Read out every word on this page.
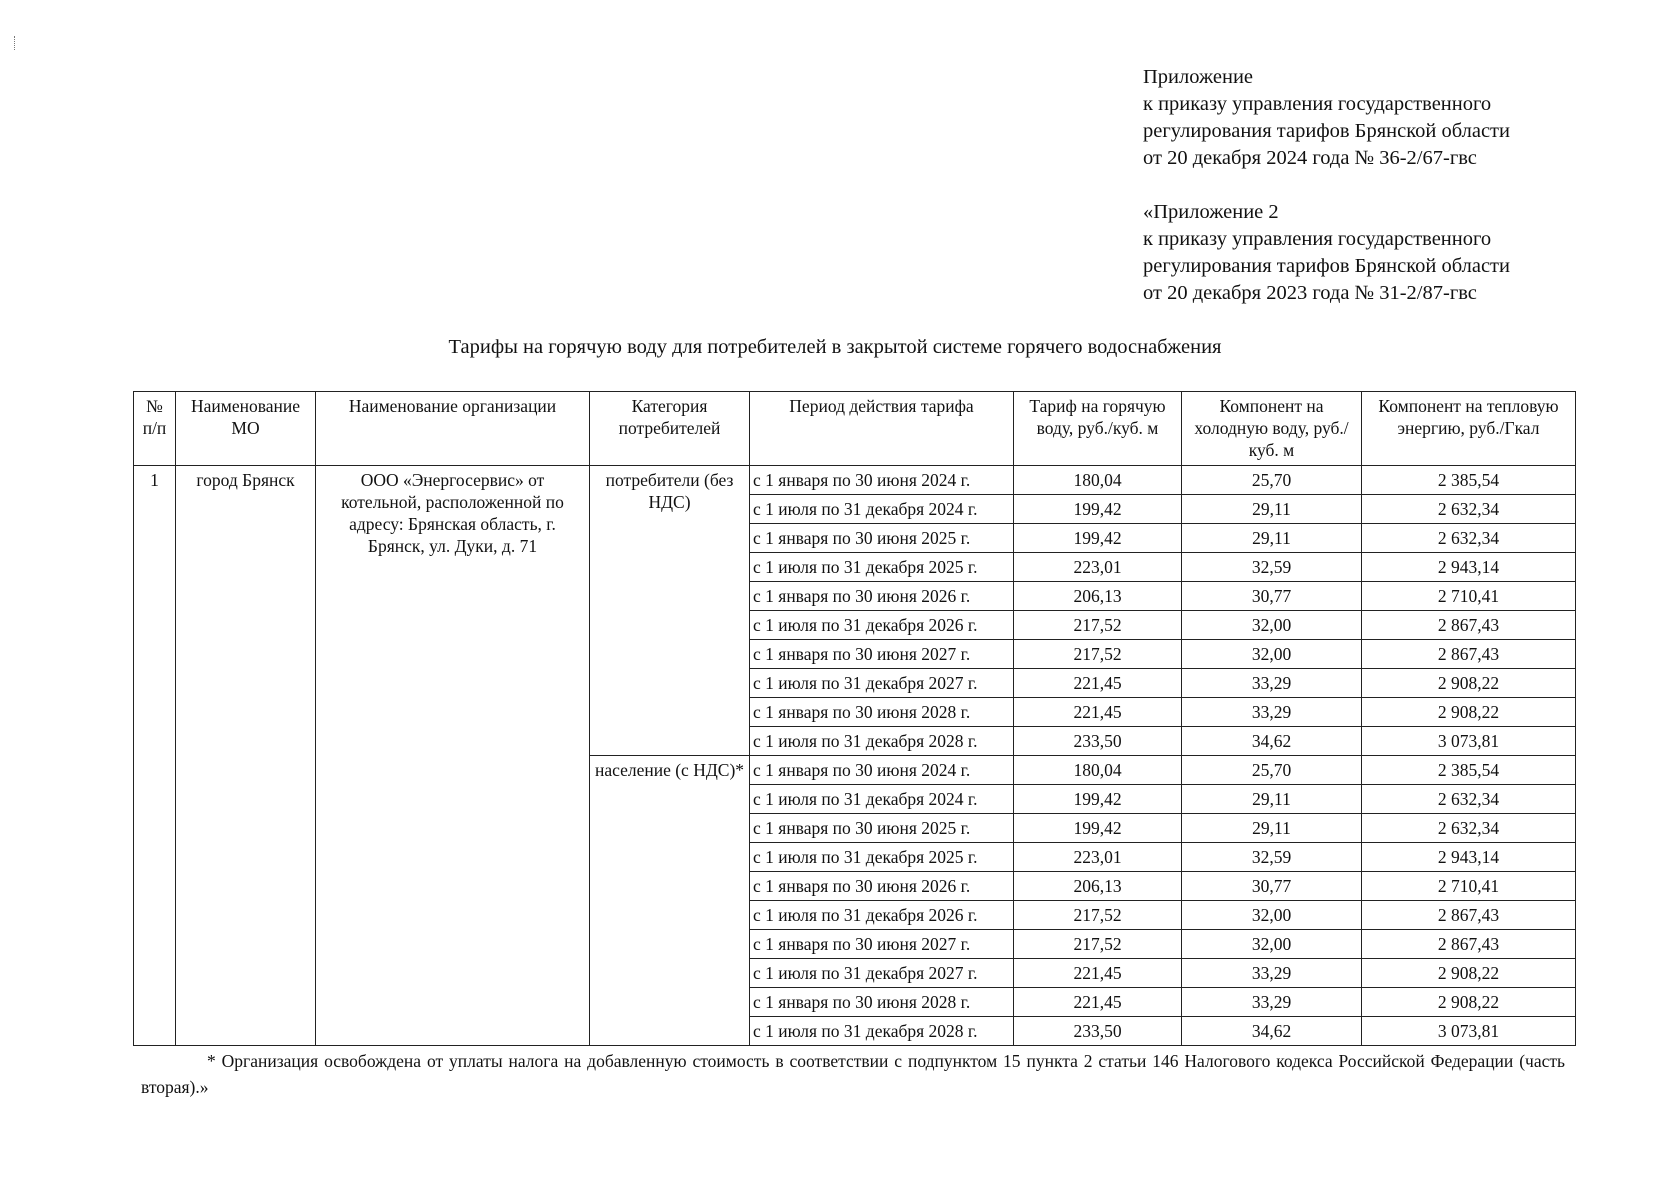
Приложение
к приказу управления государственного
регулирования тарифов Брянской области
от 20 декабря 2024 года № 36-2/67-гвс
«Приложение 2
к приказу управления государственного
регулирования тарифов Брянской области
от 20 декабря 2023 года № 31-2/87-гвс
Тарифы на горячую воду для потребителей в закрытой системе горячего водоснабжения
№ п/п	Наименование МО	Наименование организации	Категория потребителей	Период действия тарифа	Тариф на горячую воду, руб./куб. м	Компонент на холодную воду, руб./куб. м	Компонент на тепловую энергию, руб./Гкал
1	город Брянск	ООО «Энергосервис» от котельной, расположенной по адресу: Брянская область, г. Брянск, ул. Дуки, д. 71	потребители (без НДС)	с 1 января по 30 июня 2024 г.	180,04	25,70	2 385,54
				с 1 июля по 31 декабря 2024 г.	199,42	29,11	2 632,34
				с 1 января по 30 июня 2025 г.	199,42	29,11	2 632,34
				с 1 июля по 31 декабря 2025 г.	223,01	32,59	2 943,14
				с 1 января по 30 июня 2026 г.	206,13	30,77	2 710,41
				с 1 июля по 31 декабря 2026 г.	217,52	32,00	2 867,43
				с 1 января по 30 июня 2027 г.	217,52	32,00	2 867,43
				с 1 июля по 31 декабря 2027 г.	221,45	33,29	2 908,22
				с 1 января по 30 июня 2028 г.	221,45	33,29	2 908,22
				с 1 июля по 31 декабря 2028 г.	233,50	34,62	3 073,81
			население (с НДС)*	с 1 января по 30 июня 2024 г.	180,04	25,70	2 385,54
				с 1 июля по 31 декабря 2024 г.	199,42	29,11	2 632,34
				с 1 января по 30 июня 2025 г.	199,42	29,11	2 632,34
				с 1 июля по 31 декабря 2025 г.	223,01	32,59	2 943,14
				с 1 января по 30 июня 2026 г.	206,13	30,77	2 710,41
				с 1 июля по 31 декабря 2026 г.	217,52	32,00	2 867,43
				с 1 января по 30 июня 2027 г.	217,52	32,00	2 867,43
				с 1 июля по 31 декабря 2027 г.	221,45	33,29	2 908,22
				с 1 января по 30 июня 2028 г.	221,45	33,29	2 908,22
				с 1 июля по 31 декабря 2028 г.	233,50	34,62	3 073,81
* Организация освобождена от уплаты налога на добавленную стоимость в соответствии с подпунктом 15 пункта 2 статьи 146 Налогового кодекса Российской Федерации (часть вторая).»
